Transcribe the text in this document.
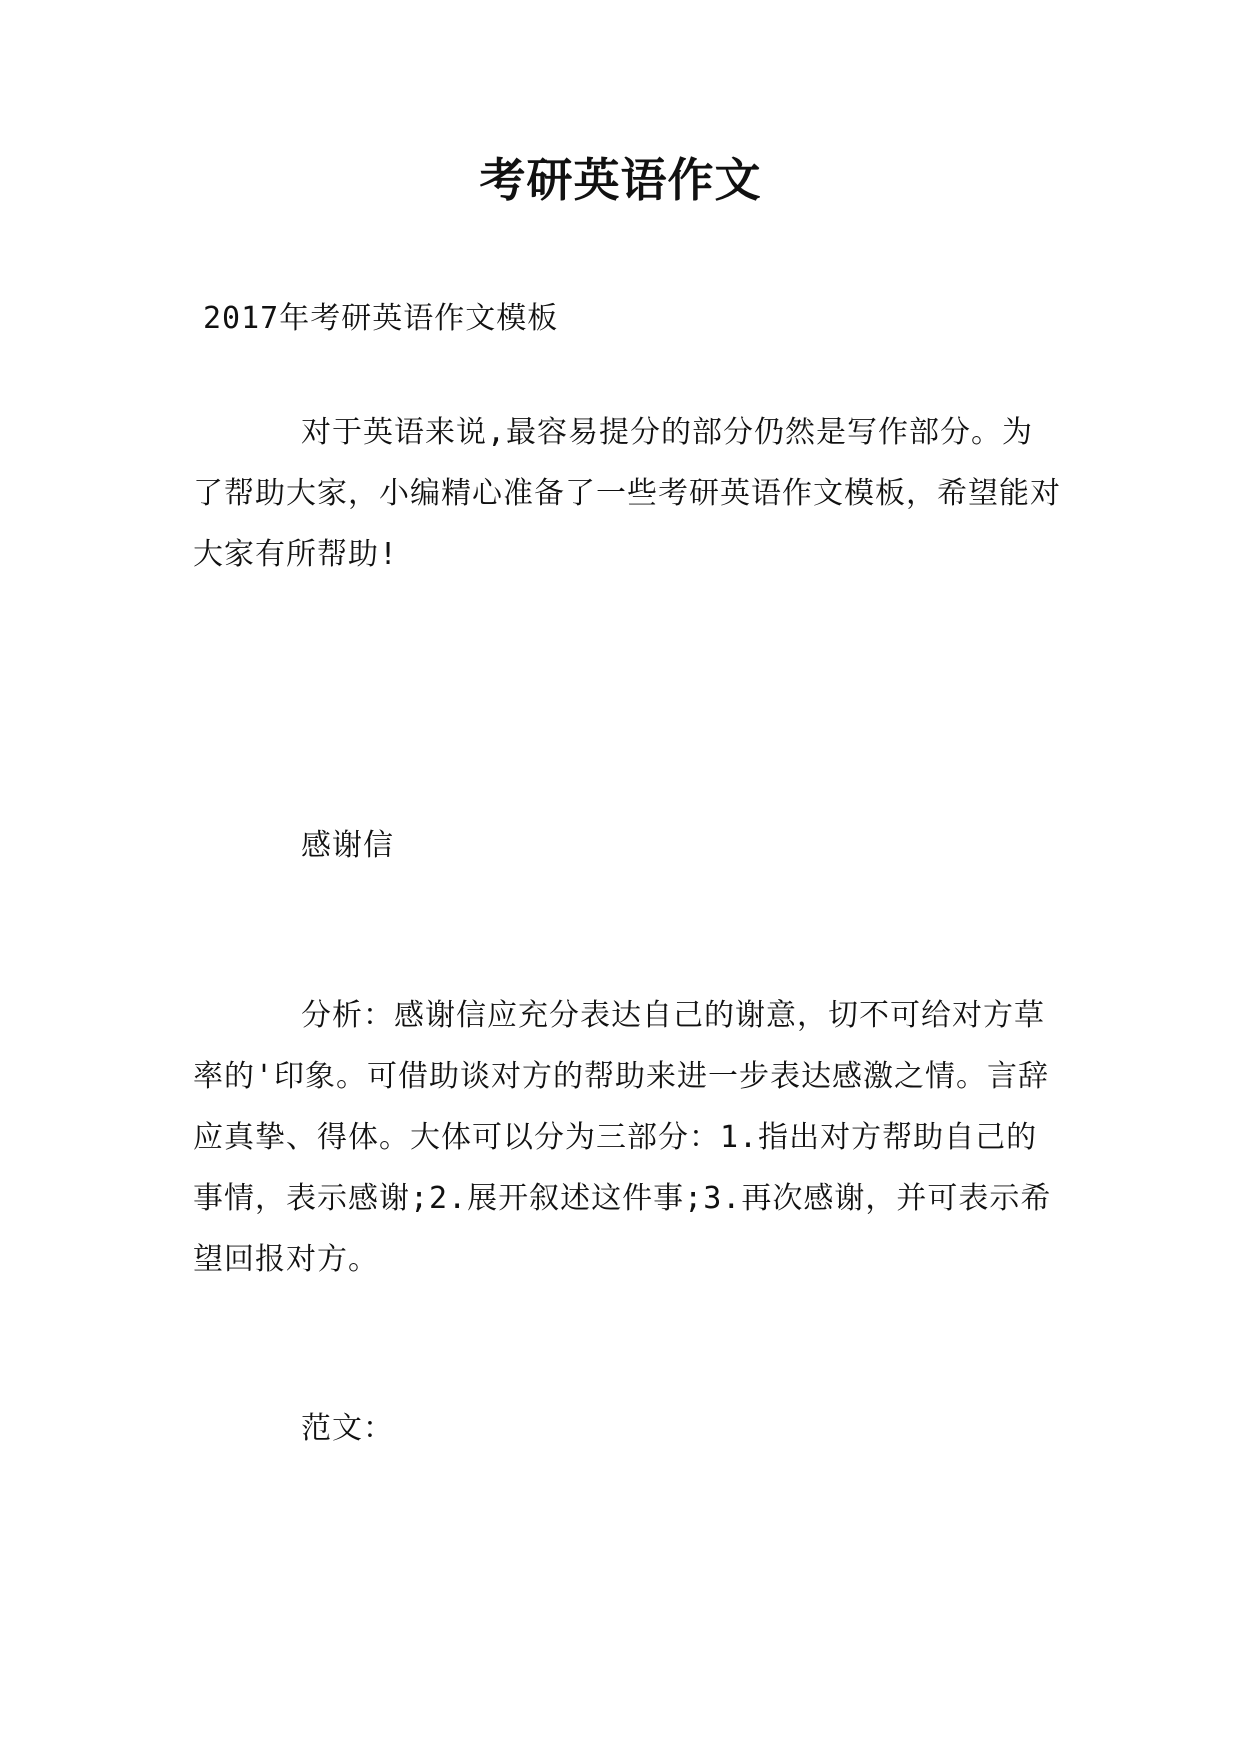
考研英语作文

2017年考研英语作文模板

对于英语来说,最容易提分的部分仍然是写作部分。为了帮助大家，小编精心准备了一些考研英语作文模板，希望能对大家有所帮助!

感谢信

分析：感谢信应充分表达自己的谢意，切不可给对方草率的'印象。可借助谈对方的帮助来进一步表达感激之情。言辞应真挚、得体。大体可以分为三部分：1.指出对方帮助自己的事情，表示感谢;2.展开叙述这件事;3.再次感谢，并可表示希望回报对方。

范文：
